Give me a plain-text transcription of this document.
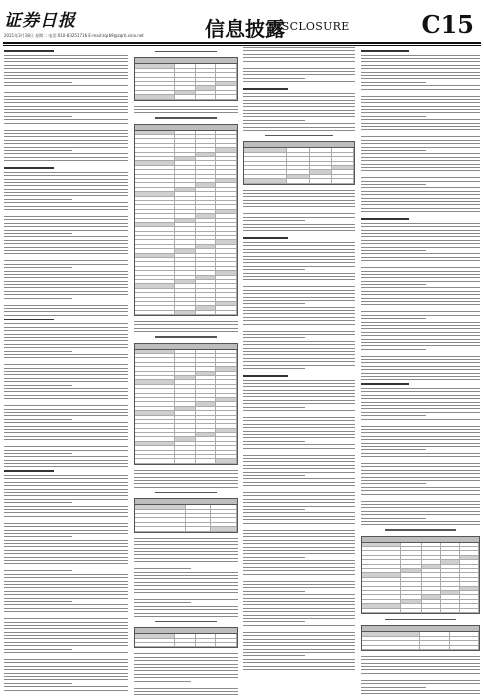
证券日报
2021年3月18日 星期二 电话:010-83251716 E-mail:zqrb9@zqrb.sina.net	信息披露
DISCLOSURE	C15
